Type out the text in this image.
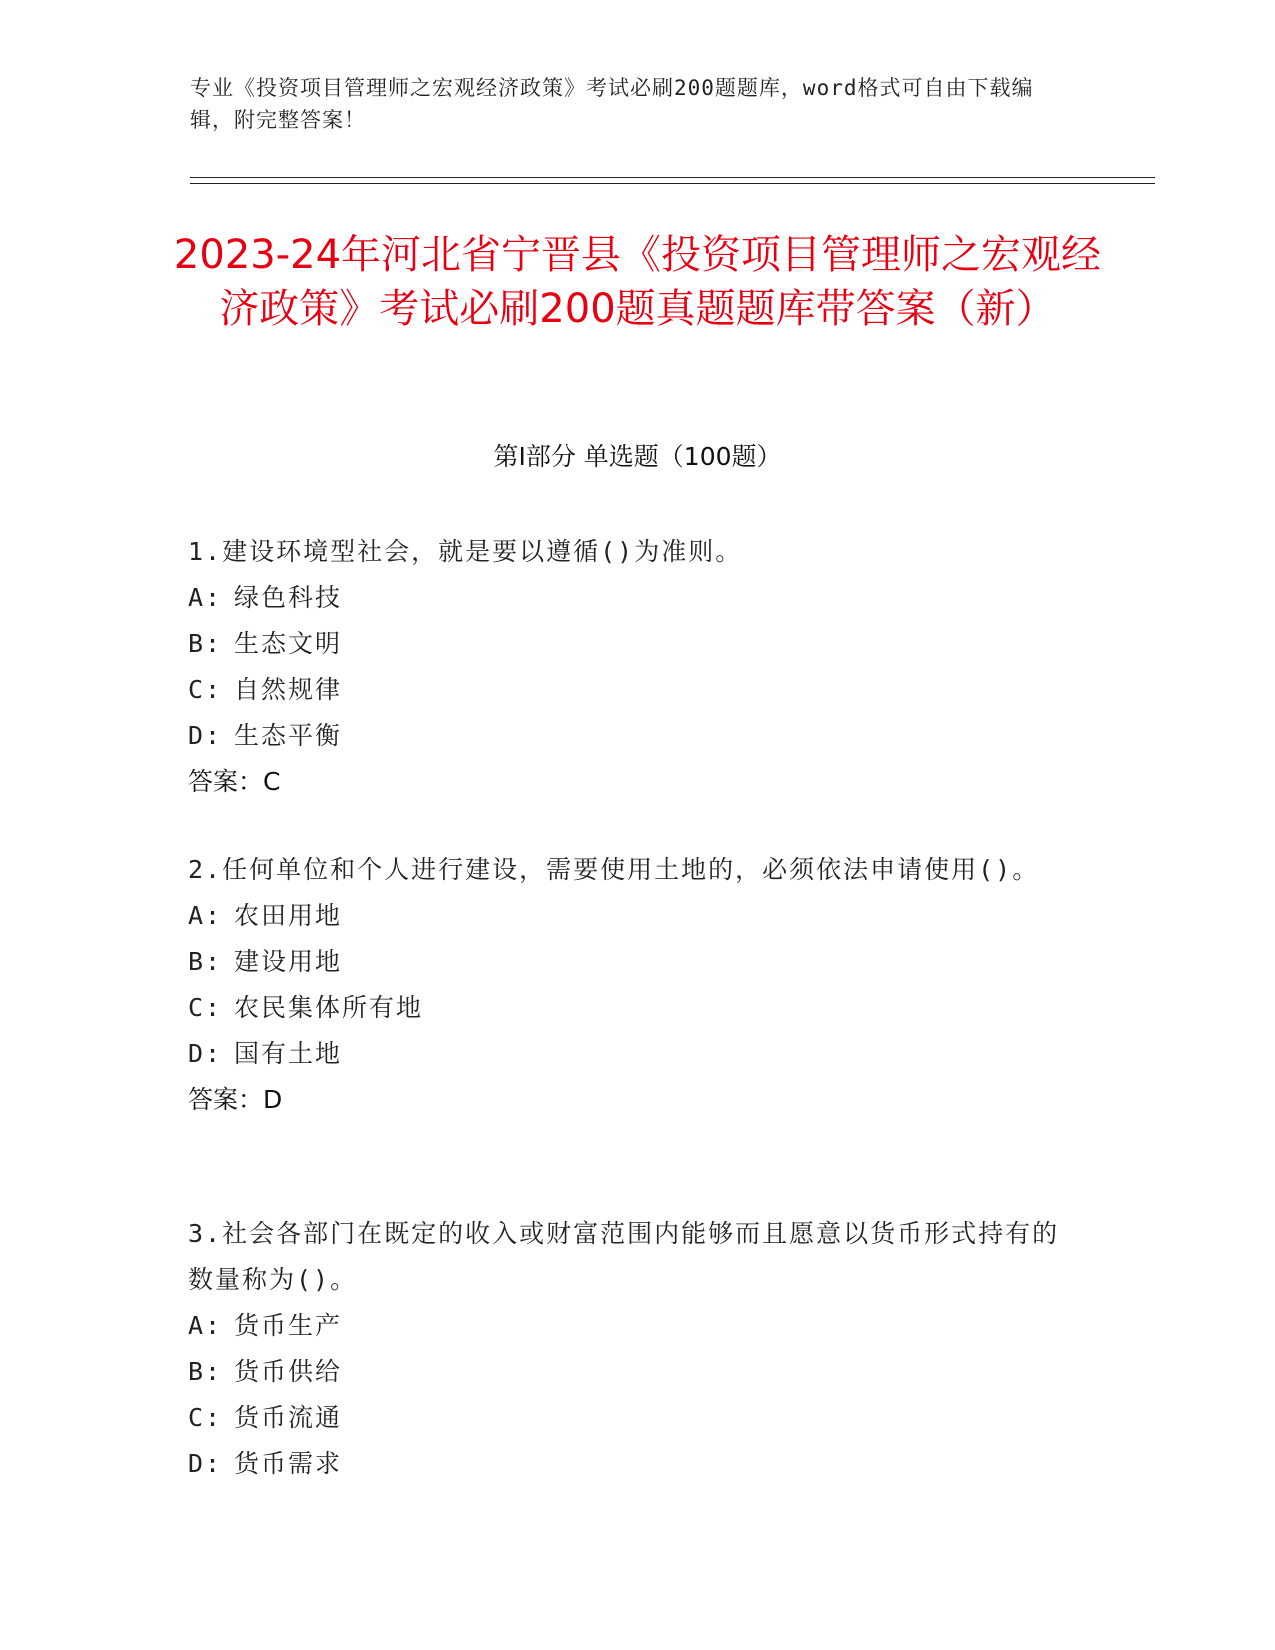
专业《投资项目管理师之宏观经济政策》考试必刷200题题库，word格式可自由下载编辑，附完整答案！
2023-24年河北省宁晋县《投资项目管理师之宏观经济政策》考试必刷200题真题题库带答案（新）
第Ⅰ部分 单选题（100题）
1.建设环境型社会，就是要以遵循()为准则。
A: 绿色科技
B: 生态文明
C: 自然规律
D: 生态平衡
答案：C
2.任何单位和个人进行建设，需要使用土地的，必须依法申请使用()。
A: 农田用地
B: 建设用地
C: 农民集体所有地
D: 国有土地
答案：D
3.社会各部门在既定的收入或财富范围内能够而且愿意以货币形式持有的数量称为()。
A: 货币生产
B: 货币供给
C: 货币流通
D: 货币需求
